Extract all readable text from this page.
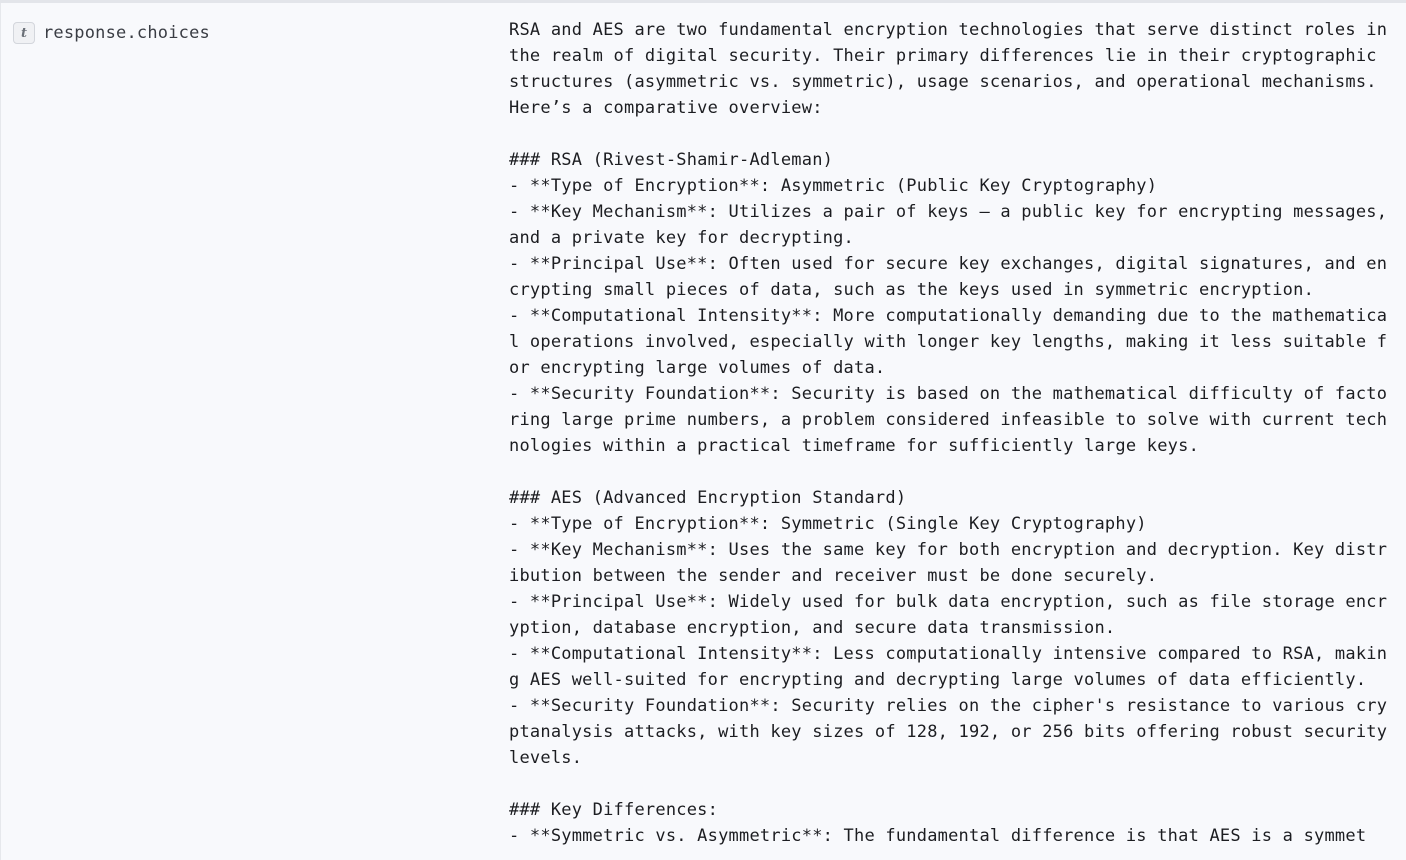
t response.choices	RSA and AES are two fundamental encryption technologies that serve distinct roles in the realm of digital security. Their primary differences lie in their cryptographic structures (asymmetric vs. symmetric), usage scenarios, and operational mechanisms. Here’s a comparative overview:

### RSA (Rivest-Shamir-Adleman)
- **Type of Encryption**: Asymmetric (Public Key Cryptography)
- **Key Mechanism**: Utilizes a pair of keys — a public key for encrypting messages, and a private key for decrypting.
- **Principal Use**: Often used for secure key exchanges, digital signatures, and encrypting small pieces of data, such as the keys used in symmetric encryption.
- **Computational Intensity**: More computationally demanding due to the mathematical operations involved, especially with longer key lengths, making it less suitable for encrypting large volumes of data.
- **Security Foundation**: Security is based on the mathematical difficulty of factoring large prime numbers, a problem considered infeasible to solve with current technologies within a practical timeframe for sufficiently large keys.

### AES (Advanced Encryption Standard)
- **Type of Encryption**: Symmetric (Single Key Cryptography)
- **Key Mechanism**: Uses the same key for both encryption and decryption. Key distribution between the sender and receiver must be done securely.
- **Principal Use**: Widely used for bulk data encryption, such as file storage encryption, database encryption, and secure data transmission.
- **Computational Intensity**: Less computationally intensive compared to RSA, making AES well-suited for encrypting and decrypting large volumes of data efficiently.
- **Security Foundation**: Security relies on the cipher's resistance to various cryptanalysis attacks, with key sizes of 128, 192, or 256 bits offering robust security levels.

### Key Differences:
- **Symmetric vs. Asymmetric**: The fundamental difference is that AES is a symmet
